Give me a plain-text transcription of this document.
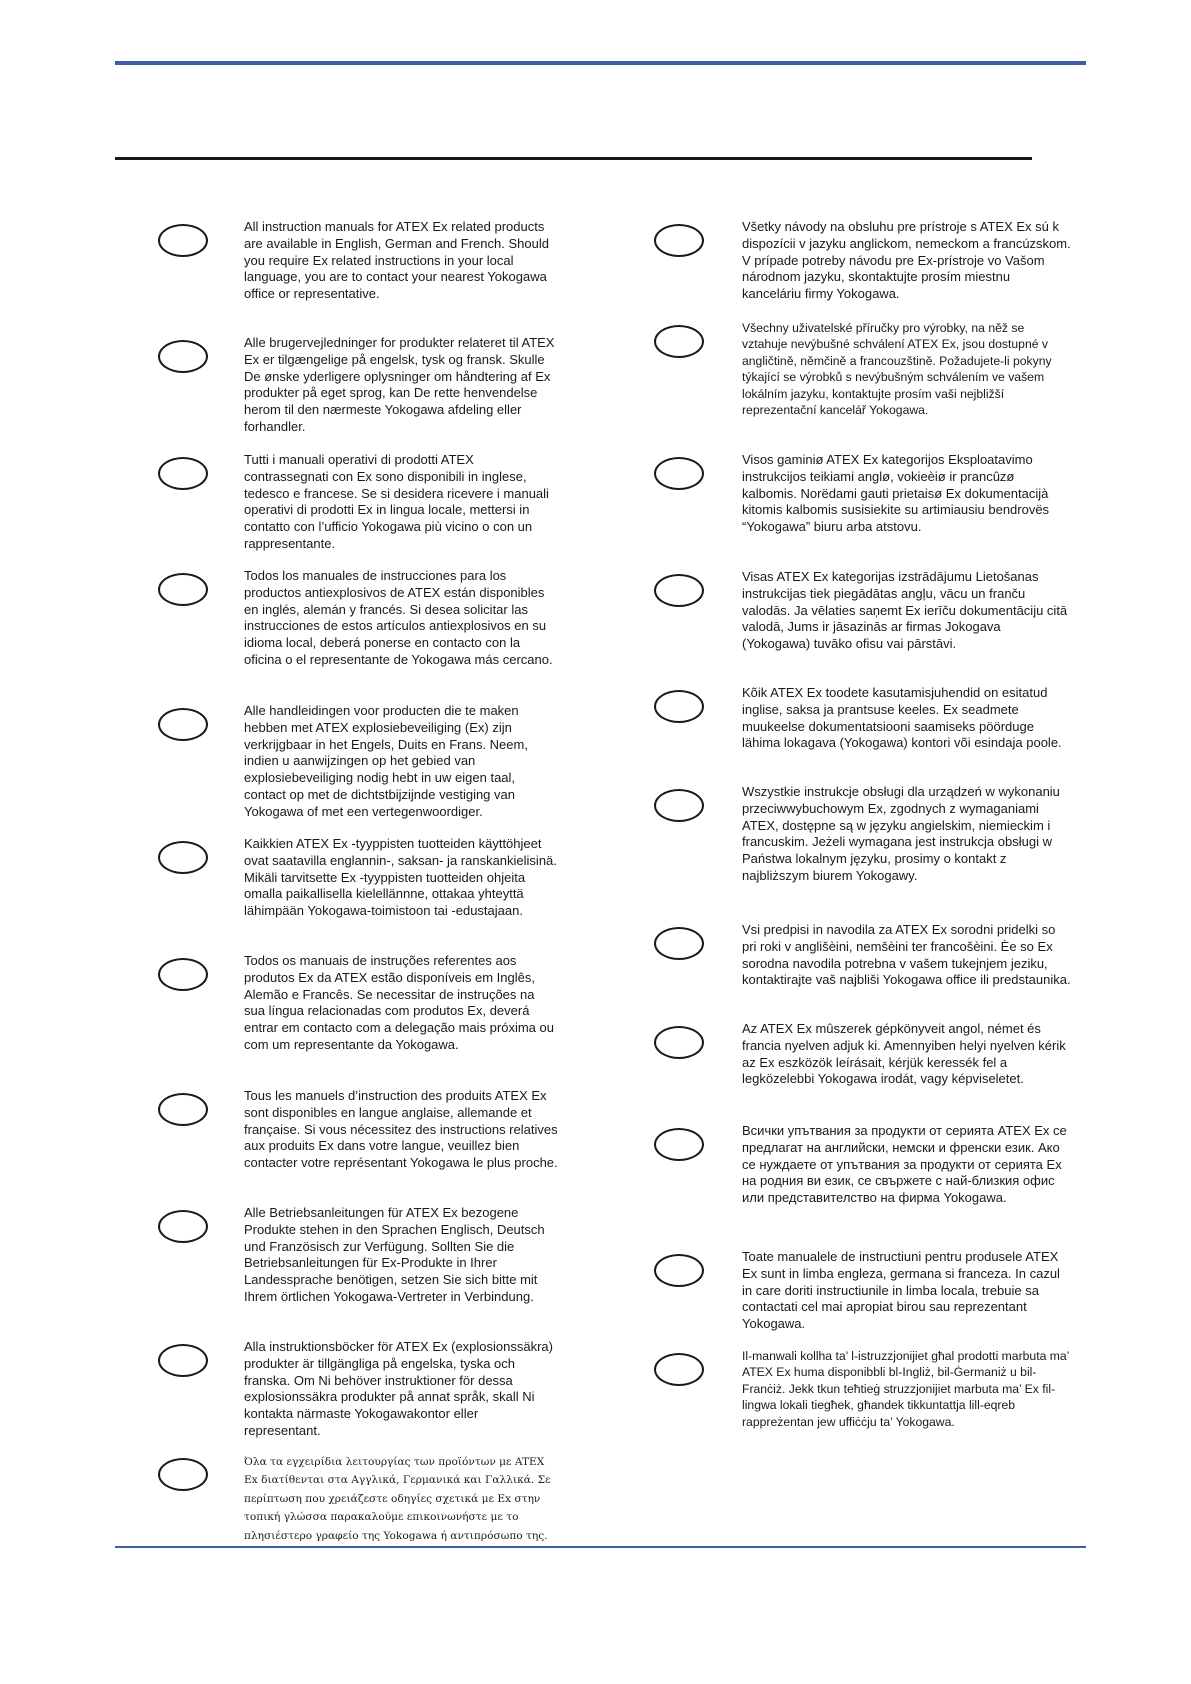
All instruction manuals for ATEX Ex related products are available in English, German and French. Should you require Ex related instructions in your local language, you are to contact your nearest Yokogawa office or representative.

Alle brugervejledninger for produkter relateret til ATEX Ex er tilgængelige på engelsk, tysk og fransk. Skulle De ønske yderligere oplysninger om håndtering af Ex produkter på eget sprog, kan De rette henvendelse herom til den nærmeste Yokogawa afdeling eller forhandler.

Tutti i manuali operativi di prodotti ATEX contrassegnati con Ex sono disponibili in inglese, tedesco e francese. Se si desidera ricevere i manuali operativi di prodotti Ex in lingua locale, mettersi in contatto con l’ufficio Yokogawa più vicino o con un rappresentante.

Todos los manuales de instrucciones para los productos antiexplosivos de ATEX están disponibles en inglés, alemán y francés. Si desea solicitar las instrucciones de estos artículos antiexplosivos en su idioma local, deberá ponerse en contacto con la oficina o el representante de Yokogawa más cercano.

Alle handleidingen voor producten die te maken hebben met ATEX explosiebeveiliging (Ex) zijn verkrijgbaar in het Engels, Duits en Frans. Neem, indien u aanwijzingen op het gebied van explosiebeveiliging nodig hebt in uw eigen taal, contact op met de dichtstbijzijnde vestiging van Yokogawa of met een vertegenwoordiger.

Kaikkien ATEX Ex -tyyppisten tuotteiden käyttöhjeet ovat saatavilla englannin-, saksan- ja ranskankielisinä. Mikäli tarvitsette Ex -tyyppisten tuotteiden ohjeita omalla paikallisella kielellännne, ottakaa yhteyttä lähimpään Yokogawa-toimistoon tai -edustajaan.

Todos os manuais de instruções referentes aos produtos Ex da ATEX estão disponíveis em Inglês, Alemão e Francês. Se necessitar de instruções na sua língua relacionadas com produtos Ex, deverá entrar em contacto com a delegação mais próxima ou com um representante da Yokogawa.

Tous les manuels d’instruction des produits ATEX Ex sont disponibles en langue anglaise, allemande et française. Si vous nécessitez des instructions relatives aux produits Ex dans votre langue, veuillez bien contacter votre représentant Yokogawa le plus proche.

Alle Betriebsanleitungen für ATEX Ex bezogene Produkte stehen in den Sprachen Englisch, Deutsch und Französisch zur Verfügung. Sollten Sie die Betriebsanleitungen für Ex-Produkte in Ihrer Landessprache benötigen, setzen Sie sich bitte mit Ihrem örtlichen Yokogawa-Vertreter in Verbindung.

Alla instruktionsböcker för ATEX Ex (explosionssäkra) produkter är tillgängliga på engelska, tyska och franska. Om Ni behöver instruktioner för dessa explosionssäkra produkter på annat språk, skall Ni kontakta närmaste Yokogawakontor eller representant.

Όλα τα εγχειρίδια λειτουργίας των προϊόντων με ATEX Ex διατίθενται στα Αγγλικά, Γερμανικά και Γαλλικά. Σε περίπτωση που χρειάζεστε οδηγίες σχετικά με Ex στην τοπική γλώσσα παρακαλούμε επικοινωνήστε με το πλησιέστερο γραφείο της Yokogawa ή αντιπρόσωπο της.

Všetky návody na obsluhu pre prístroje s ATEX Ex sú k dispozícii v jazyku anglickom, nemeckom a francúzskom. V prípade potreby návodu pre Ex-prístroje vo Vašom národnom jazyku, skontaktujte prosím miestnu kanceláriu firmy Yokogawa.

Všechny uživatelské příručky pro výrobky, na něž se vztahuje nevýbušné schválení ATEX Ex, jsou dostupné v angličtině, němčině a francouzštině. Požadujete-li pokyny týkající se výrobků s nevýbušným schválením ve vašem lokálním jazyku, kontaktujte prosím vaši nejbližší reprezentační kancelář Yokogawa.

Visos gaminiø ATEX Ex kategorijos Eksploatavimo instrukcijos teikiami anglø, vokieèiø ir prancûzø kalbomis. Norëdami gauti prietaisø Ex dokumentacijà kitomis kalbomis susisiekite su artimiausiu bendrovës “Yokogawa” biuru arba atstovu.

Visas ATEX Ex kategorijas izstrādājumu Lietošanas instrukcijas tiek piegādātas angļu, vācu un franču valodās. Ja vēlaties saņemt Ex ierīču dokumentāciju citā valodā, Jums ir jāsazinās ar firmas Jokogava (Yokogawa) tuvāko ofisu vai pārstāvi.

Kõik ATEX Ex toodete kasutamisjuhendid on esitatud inglise, saksa ja prantsuse keeles. Ex seadmete muukeelse dokumentatsiooni saamiseks pöörduge lähima lokagava (Yokogawa) kontori või esindaja poole.

Wszystkie instrukcje obsługi dla urządzeń w wykonaniu przeciwwybuchowym Ex, zgodnych z wymaganiami ATEX, dostępne są w języku angielskim, niemieckim i francuskim. Jeżeli wymagana jest instrukcja obsługi w Państwa lokalnym języku, prosimy o kontakt z najbliższym biurem Yokogawy.

Vsi predpisi in navodila za ATEX Ex sorodni pridelki so pri roki v anglišèini, nemšèini ter francošèini. Èe so Ex sorodna navodila potrebna v vašem tukejnjem jeziku, kontaktirajte vaš najbliši Yokogawa office ili predstaunika.

Az ATEX Ex mûszerek gépkönyveit angol, német és francia nyelven adjuk ki. Amennyiben helyi nyelven kérik az Ex eszközök leírásait, kérjük keressék fel a legközelebbi Yokogawa irodát, vagy képviseletet.

Всички упътвания за продукти от серията ATEX Ex се предлагат на английски, немски и френски език. Ако се нуждаете от упътвания за продукти от серията Ex на родния ви език, се свържете с най-близкия офис или представителство на фирма Yokogawa.

Toate manualele de instructiuni pentru produsele ATEX Ex sunt in limba engleza, germana si franceza. In cazul in care doriti instructiunile in limba locala, trebuie sa contactati cel mai apropiat birou sau reprezentant Yokogawa.

Il-manwali kollha ta’ l-istruzzjonijiet għal prodotti marbuta ma’ ATEX Ex huma disponibbli bl-Ingliż, bil-Ġermaniż u bil-Franċiż. Jekk tkun teħtieġ struzzjonijiet marbuta ma’ Ex fil-lingwa lokali tiegħek, għandek tikkuntattja lill-eqreb rappreżentan jew uffiċċju ta’ Yokogawa.
